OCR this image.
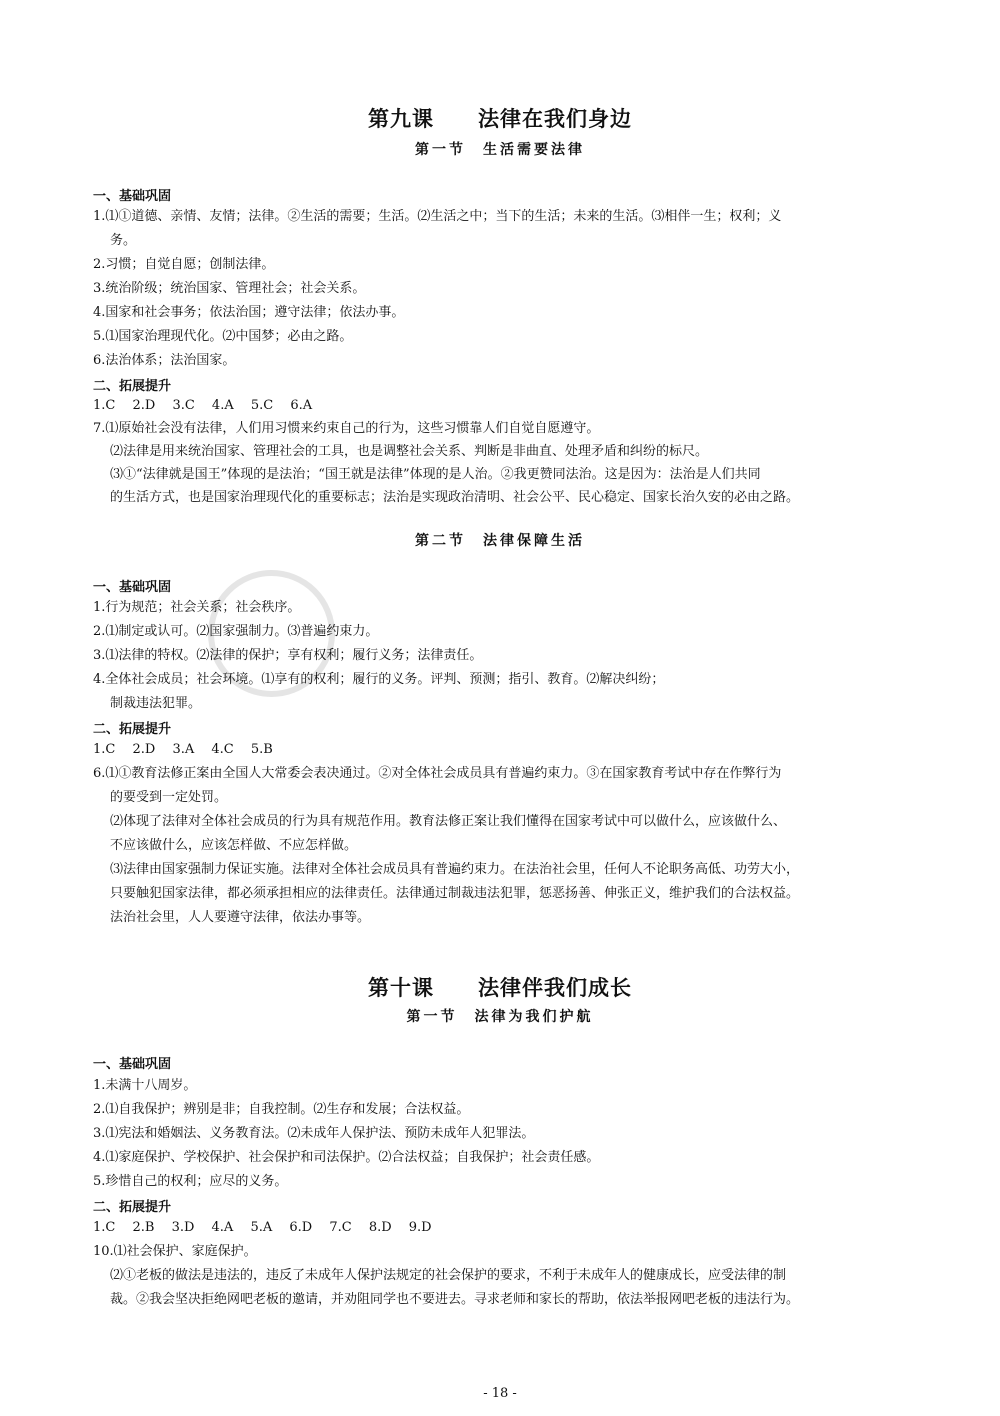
第九课　　法律在我们身边
第一节　生活需要法律
一、基础巩固
1.⑴①道德、亲情、友情；法律。②生活的需要；生活。⑵生活之中；当下的生活；未来的生活。⑶相伴一生；权利；义
务。
2.习惯；自觉自愿；创制法律。
3.统治阶级；统治国家、管理社会；社会关系。
4.国家和社会事务；依法治国；遵守法律；依法办事。
5.⑴国家治理现代化。⑵中国梦；必由之路。
6.法治体系；法治国家。
二、拓展提升
1.C　 2.D　 3.C　 4.A　 5.C　 6.A
7.⑴原始社会没有法律，人们用习惯来约束自己的行为，这些习惯靠人们自觉自愿遵守。
⑵法律是用来统治国家、管理社会的工具，也是调整社会关系、判断是非曲直、处理矛盾和纠纷的标尺。
⑶①“法律就是国王”体现的是法治；“国王就是法律”体现的是人治。②我更赞同法治。这是因为：法治是人们共同
的生活方式，也是国家治理现代化的重要标志；法治是实现政治清明、社会公平、民心稳定、国家长治久安的必由之路。
第二节　法律保障生活
一、基础巩固
1.行为规范；社会关系；社会秩序。
2.⑴制定或认可。⑵国家强制力。⑶普遍约束力。
3.⑴法律的特权。⑵法律的保护；享有权利；履行义务；法律责任。
4.全体社会成员；社会环境。⑴享有的权利；履行的义务。评判、预测；指引、教育。⑵解决纠纷；
制裁违法犯罪。
二、拓展提升
1.C　 2.D　 3.A　 4.C　 5.B
6.⑴①教育法修正案由全国人大常委会表决通过。②对全体社会成员具有普遍约束力。③在国家教育考试中存在作弊行为
的要受到一定处罚。
⑵体现了法律对全体社会成员的行为具有规范作用。教育法修正案让我们懂得在国家考试中可以做什么，应该做什么、
不应该做什么，应该怎样做、不应怎样做。
⑶法律由国家强制力保证实施。法律对全体社会成员具有普遍约束力。在法治社会里，任何人不论职务高低、功劳大小，
只要触犯国家法律，都必须承担相应的法律责任。法律通过制裁违法犯罪，惩恶扬善、伸张正义，维护我们的合法权益。
法治社会里，人人要遵守法律，依法办事等。
第十课　　法律伴我们成长
第一节　法律为我们护航
一、基础巩固
1.未满十八周岁。
2.⑴自我保护；辨别是非；自我控制。⑵生存和发展；合法权益。
3.⑴宪法和婚姻法、义务教育法。⑵未成年人保护法、预防未成年人犯罪法。
4.⑴家庭保护、学校保护、社会保护和司法保护。⑵合法权益；自我保护；社会责任感。
5.珍惜自己的权利；应尽的义务。
二、拓展提升
1.C　 2.B　 3.D　 4.A　 5.A　 6.D　 7.C　 8.D　 9.D
10.⑴社会保护、家庭保护。
⑵①老板的做法是违法的，违反了未成年人保护法规定的社会保护的要求，不利于未成年人的健康成长，应受法律的制
裁。②我会坚决拒绝网吧老板的邀请，并劝阻同学也不要进去。寻求老师和家长的帮助，依法举报网吧老板的违法行为。
- 18 -
